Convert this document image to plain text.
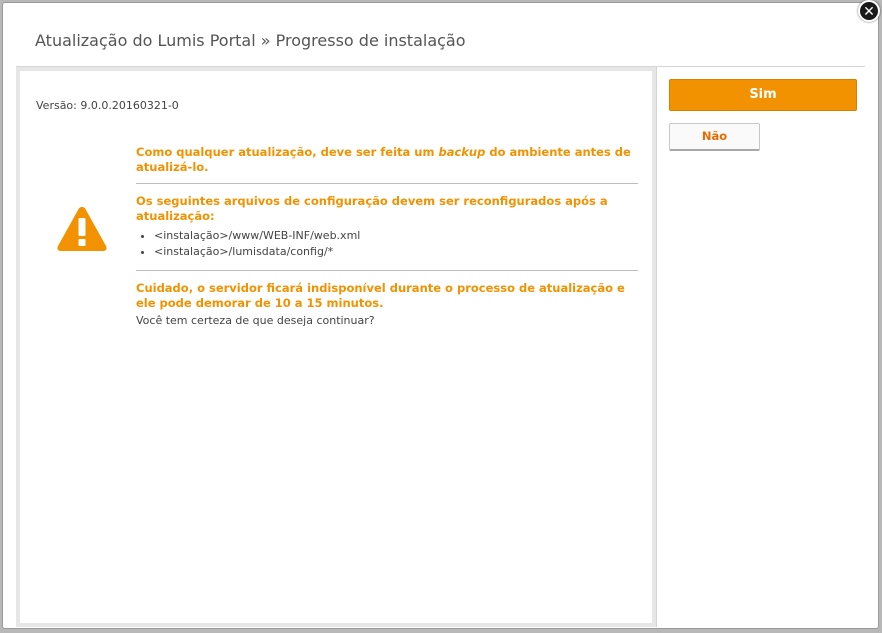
✕
Atualização do Lumis Portal » Progresso de instalação
Versão: 9.0.0.20160321-0

Como qualquer atualização, deve ser feita um backup do ambiente antes de atualizá-lo.

Os seguintes arquivos de configuração devem ser reconfigurados após a atualização:

• <instalação>/www/WEB-INF/web.xml
• <instalação>/lumisdata/config/*

Cuidado, o servidor ficará indisponível durante o processo de atualização e ele pode demorar de 10 a 15 minutos.

Você tem certeza de que deseja continuar?

Sim
Não
